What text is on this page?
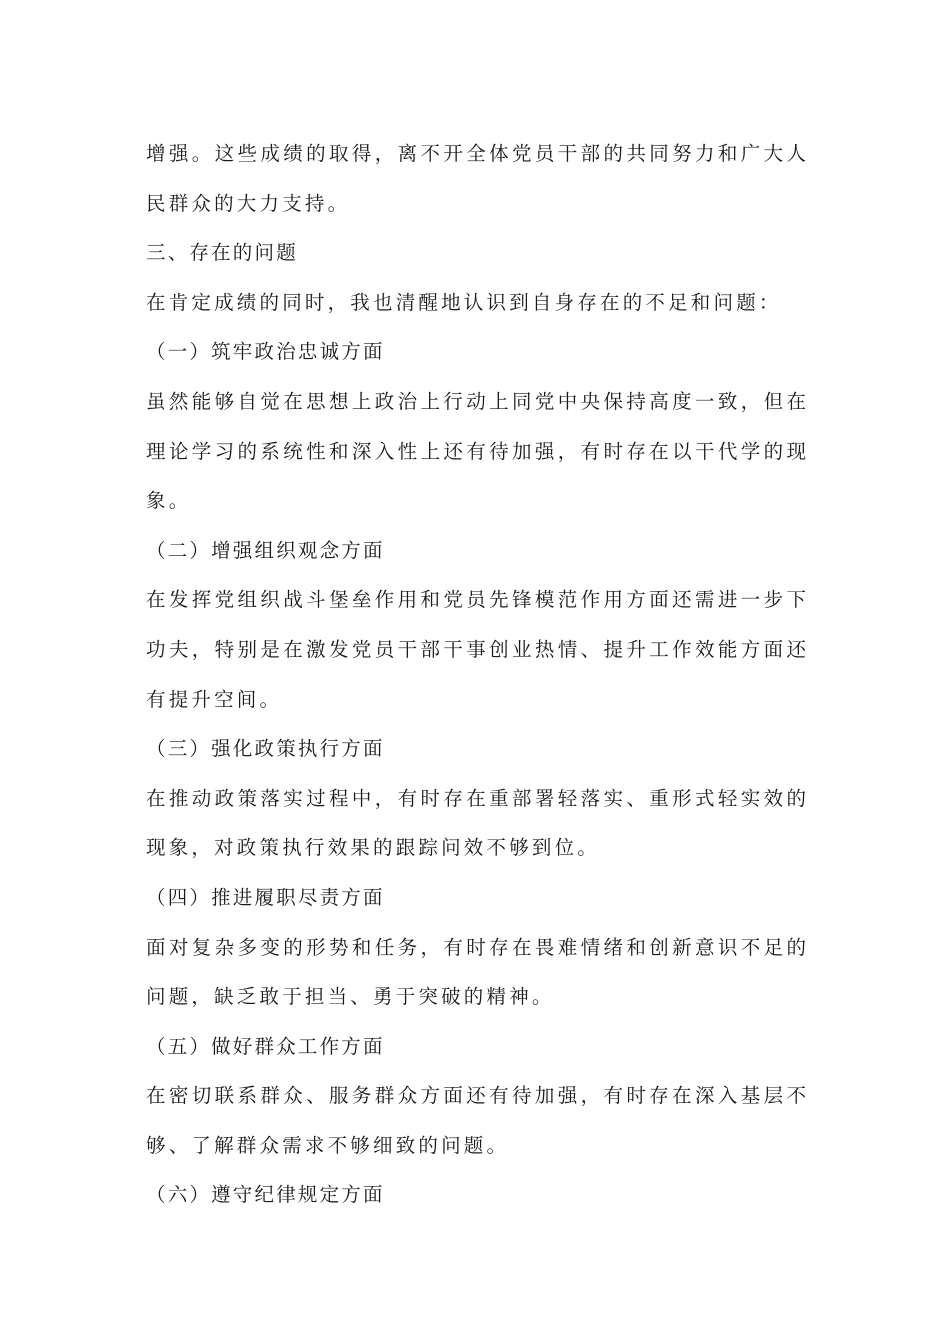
增强。这些成绩的取得，离不开全体党员干部的共同努力和广大人
民群众的大力支持。
三、存在的问题
在肯定成绩的同时，我也清醒地认识到自身存在的不足和问题：
（一）筑牢政治忠诚方面
虽然能够自觉在思想上政治上行动上同党中央保持高度一致，但在
理论学习的系统性和深入性上还有待加强，有时存在以干代学的现
象。
（二）增强组织观念方面
在发挥党组织战斗堡垒作用和党员先锋模范作用方面还需进一步下
功夫，特别是在激发党员干部干事创业热情、提升工作效能方面还
有提升空间。
（三）强化政策执行方面
在推动政策落实过程中，有时存在重部署轻落实、重形式轻实效的
现象，对政策执行效果的跟踪问效不够到位。
（四）推进履职尽责方面
面对复杂多变的形势和任务，有时存在畏难情绪和创新意识不足的
问题，缺乏敢于担当、勇于突破的精神。
（五）做好群众工作方面
在密切联系群众、服务群众方面还有待加强，有时存在深入基层不
够、了解群众需求不够细致的问题。
（六）遵守纪律规定方面
